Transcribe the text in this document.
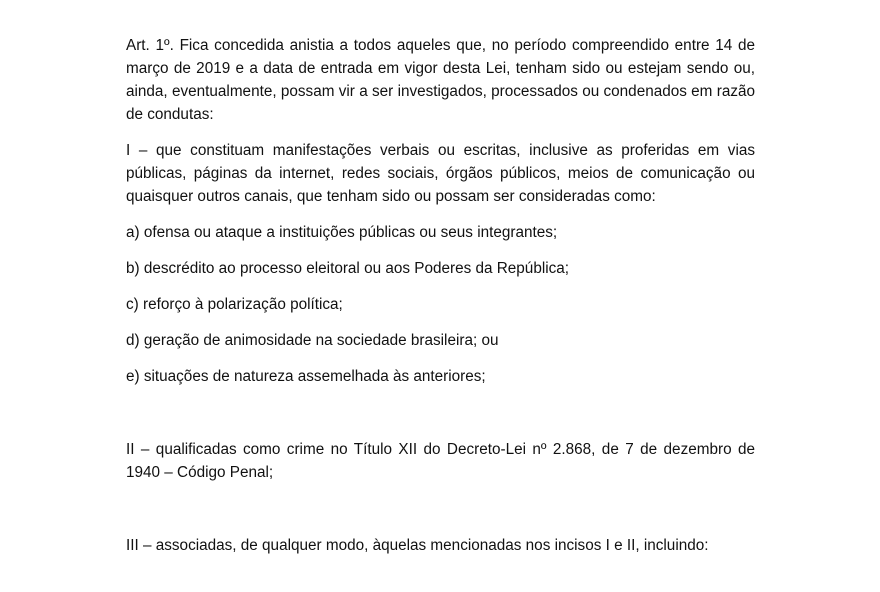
Art. 1º. Fica concedida anistia a todos aqueles que, no período compreendido entre 14 de março de 2019 e a data de entrada em vigor desta Lei, tenham sido ou estejam sendo ou, ainda, eventualmente, possam vir a ser investigados, processados ou condenados em razão de condutas:

I – que constituam manifestações verbais ou escritas, inclusive as proferidas em vias públicas, páginas da internet, redes sociais, órgãos públicos, meios de comunicação ou quaisquer outros canais, que tenham sido ou possam ser consideradas como:

a) ofensa ou ataque a instituições públicas ou seus integrantes;

b) descrédito ao processo eleitoral ou aos Poderes da República;

c) reforço à polarização política;

d) geração de animosidade na sociedade brasileira; ou

e) situações de natureza assemelhada às anteriores;

II – qualificadas como crime no Título XII do Decreto-Lei nº 2.868, de 7 de dezembro de 1940 – Código Penal;

III – associadas, de qualquer modo, àquelas mencionadas nos incisos I e II, incluindo:
